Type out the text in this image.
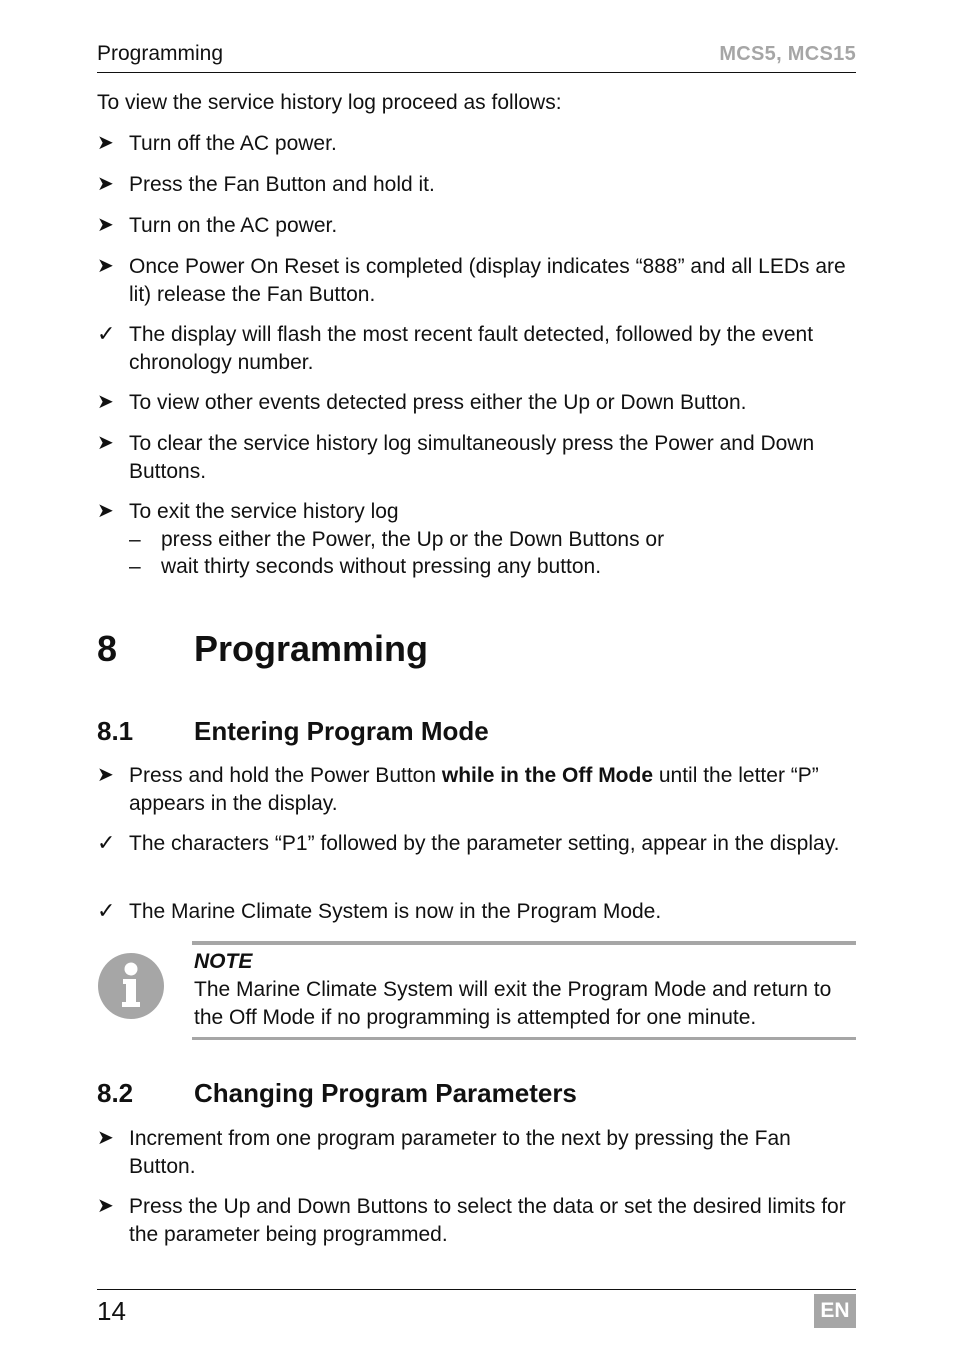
Programming	MCS5, MCS15
To view the service history log proceed as follows:
➤ Turn off the AC power.
➤ Press the Fan Button and hold it.
➤ Turn on the AC power.
➤ Once Power On Reset is completed (display indicates “888” and all LEDs are lit) release the Fan Button.
✓ The display will flash the most recent fault detected, followed by the event chronology number.
➤ To view other events detected press either the Up or Down Button.
➤ To clear the service history log simultaneously press the Power and Down Buttons.
➤ To exit the service history log
– press either the Power, the Up or the Down Buttons or
– wait thirty seconds without pressing any button.
8 Programming
8.1 Entering Program Mode
➤ Press and hold the Power Button while in the Off Mode until the letter “P” appears in the display.
✓ The characters “P1” followed by the parameter setting, appear in the display.
✓ The Marine Climate System is now in the Program Mode.
NOTE
The Marine Climate System will exit the Program Mode and return to the Off Mode if no programming is attempted for one minute.
8.2 Changing Program Parameters
➤ Increment from one program parameter to the next by pressing the Fan Button.
➤ Press the Up and Down Buttons to select the data or set the desired limits for the parameter being programmed.
14	EN
